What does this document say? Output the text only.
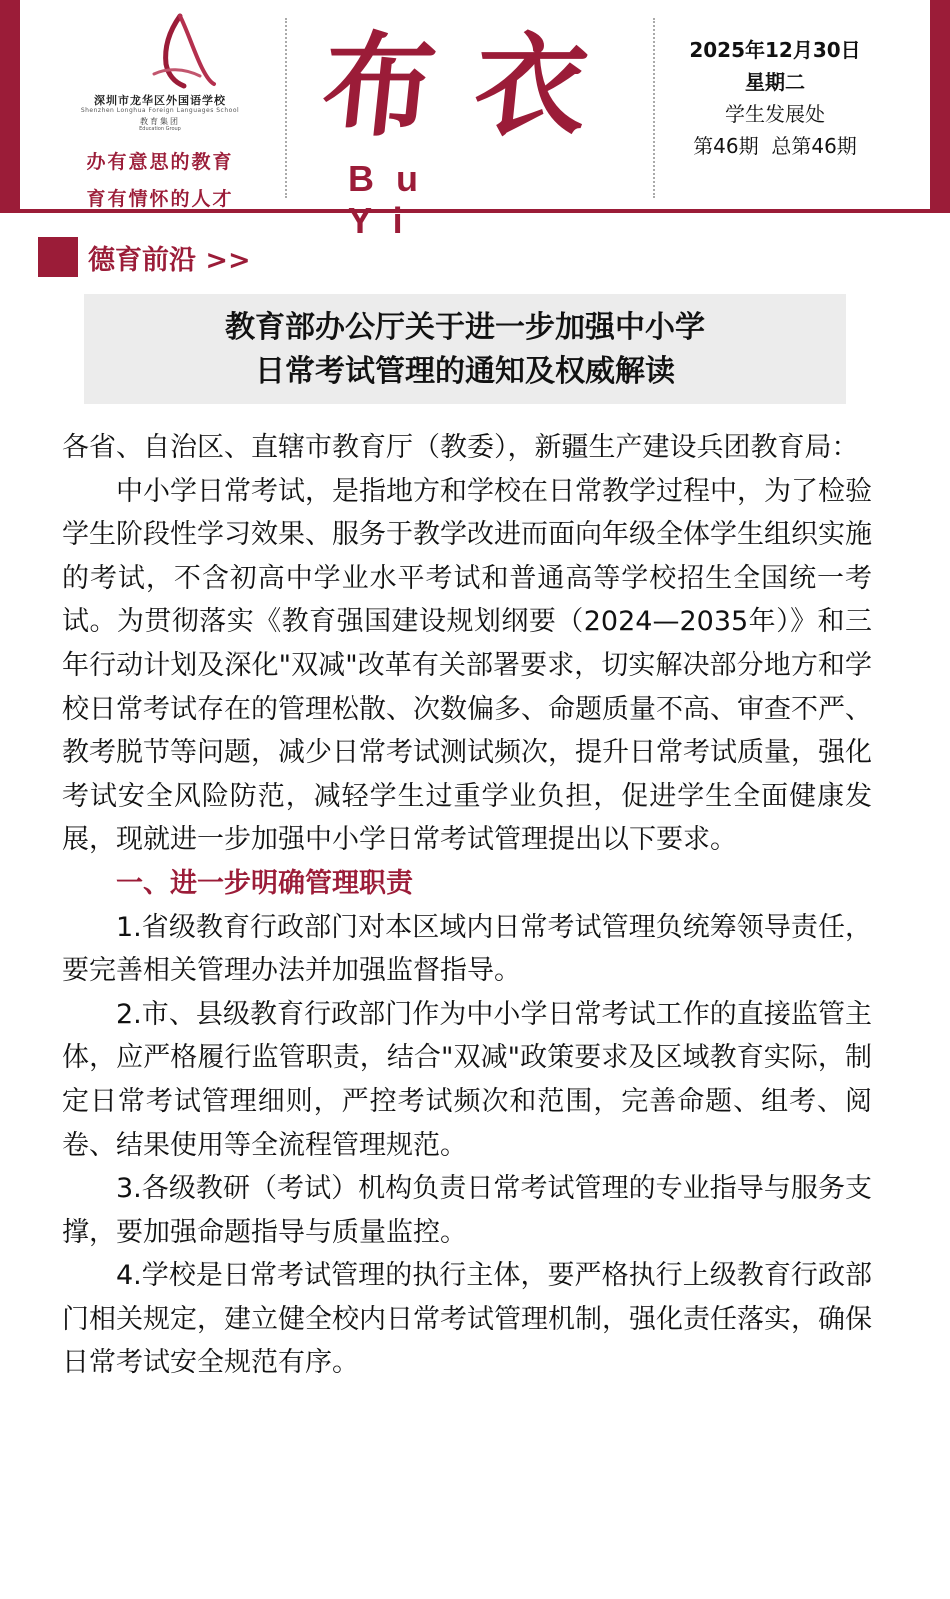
深圳市龙华区外国语学校
Shenzhen Longhua Foreign Languages School
教育集团
Education Group
办有意思的教育
育有情怀的人才
布衣
Bu Yi
2025年12月30日
星期二
学生发展处
第46期  总第46期
德育前沿 >>
教育部办公厅关于进一步加强中小学
日常考试管理的通知及权威解读

各省、自治区、直辖市教育厅（教委），新疆生产建设兵团教育局：

中小学日常考试，是指地方和学校在日常教学过程中，为了检验学生阶段性学习效果、服务于教学改进而面向年级全体学生组织实施的考试，不含初高中学业水平考试和普通高等学校招生全国统一考试。为贯彻落实《教育强国建设规划纲要（2024—2035年）》和三年行动计划及深化"双减"改革有关部署要求，切实解决部分地方和学校日常考试存在的管理松散、次数偏多、命题质量不高、审查不严、教考脱节等问题，减少日常考试测试频次，提升日常考试质量，强化考试安全风险防范，减轻学生过重学业负担，促进学生全面健康发展，现就进一步加强中小学日常考试管理提出以下要求。

一、进一步明确管理职责

1.省级教育行政部门对本区域内日常考试管理负统筹领导责任，要完善相关管理办法并加强监督指导。

2.市、县级教育行政部门作为中小学日常考试工作的直接监管主体，应严格履行监管职责，结合"双减"政策要求及区域教育实际，制定日常考试管理细则，严控考试频次和范围，完善命题、组考、阅卷、结果使用等全流程管理规范。

3.各级教研（考试）机构负责日常考试管理的专业指导与服务支撑，要加强命题指导与质量监控。

4.学校是日常考试管理的执行主体，要严格执行上级教育行政部门相关规定，建立健全校内日常考试管理机制，强化责任落实，确保日常考试安全规范有序。
